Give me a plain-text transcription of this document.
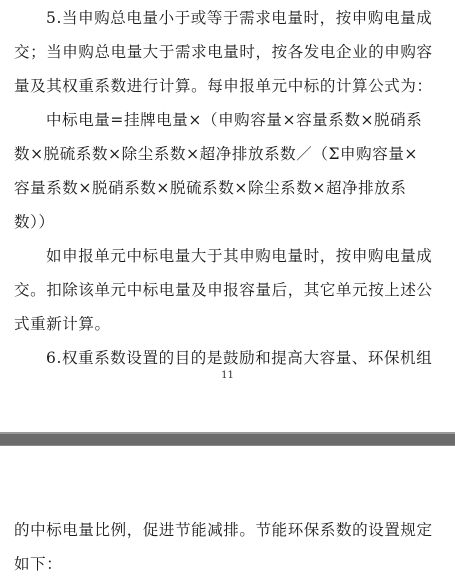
5.当申购总电量小于或等于需求电量时，按申购电量成
交；当申购总电量大于需求电量时，按各发电企业的申购容
量及其权重系数进行计算。每申报单元中标的计算公式为：
中标电量=挂牌电量×（申购容量×容量系数×脱硝系
数×脱硫系数×除尘系数×超净排放系数／（Σ申购容量×
容量系数×脱硝系数×脱硫系数×除尘系数×超净排放系
数））
如申报单元中标电量大于其申购电量时，按申购电量成
交。扣除该单元中标电量及申报容量后，其它单元按上述公
式重新计算。
6.权重系数设置的目的是鼓励和提高大容量、环保机组
11
的中标电量比例，促进节能减排。节能环保系数的设置规定
如下：
